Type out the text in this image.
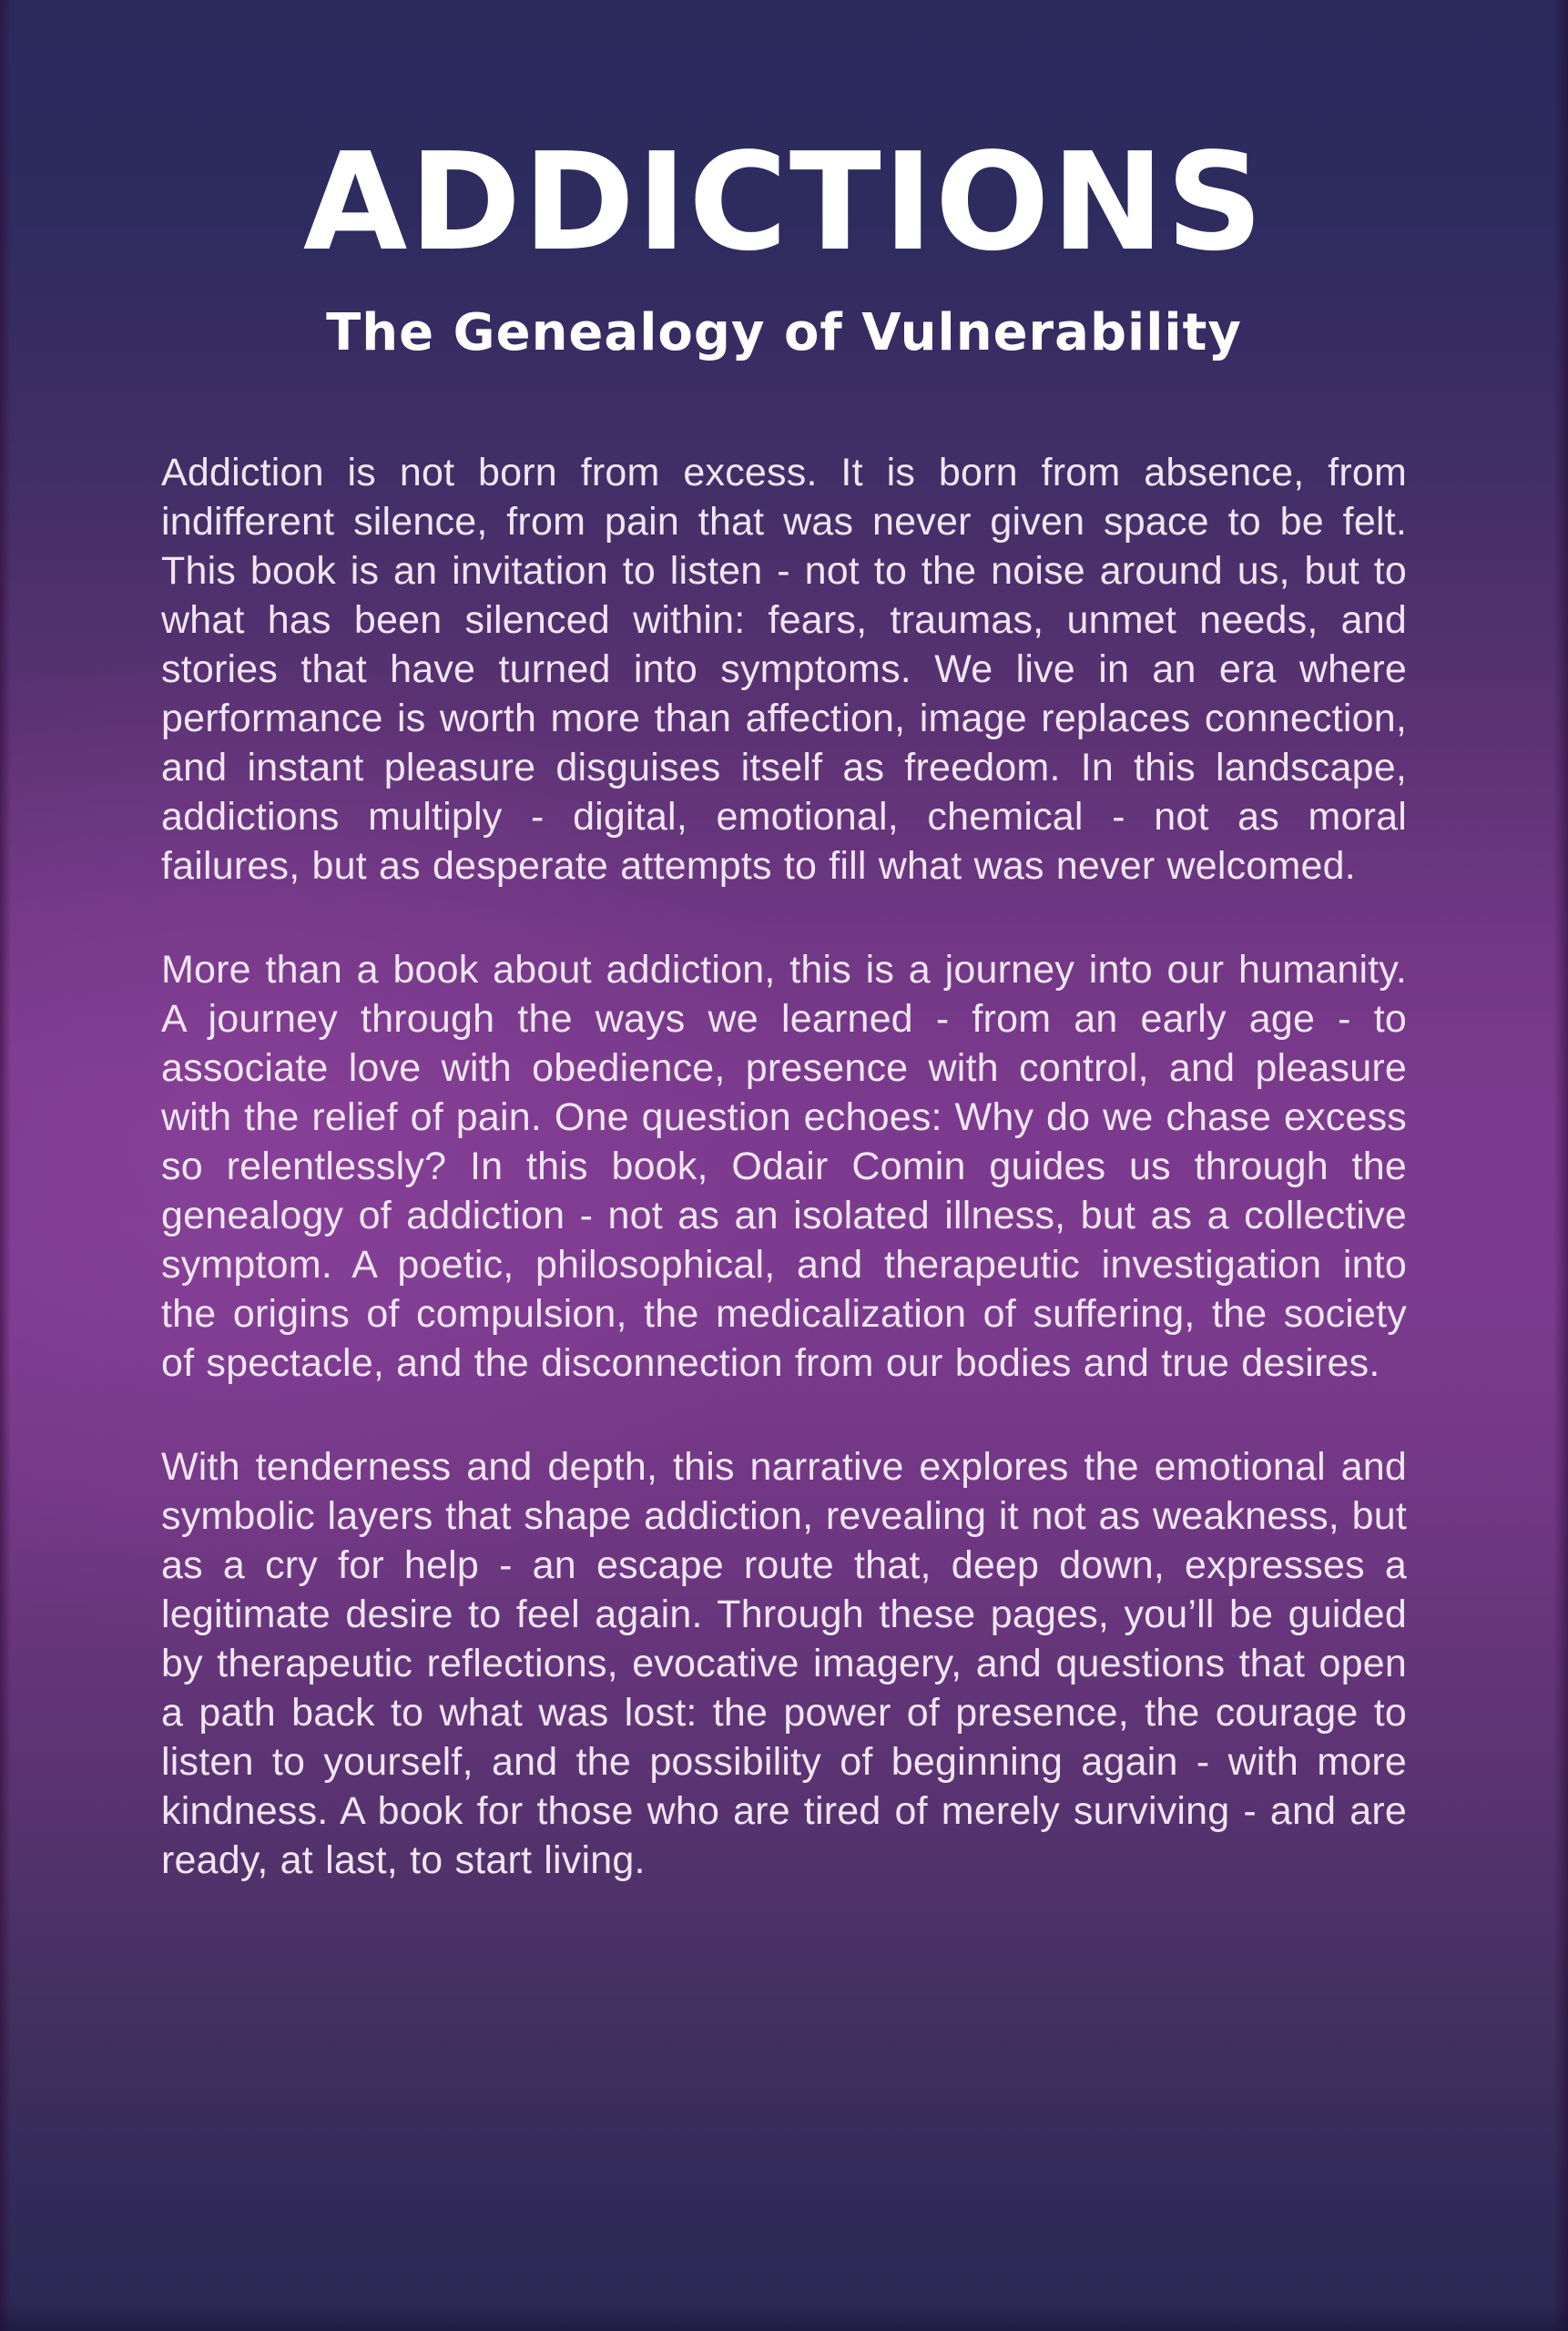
ADDICTIONS
The Genealogy of Vulnerability

Addiction is not born from excess. It is born from absence, from indifferent silence, from pain that was never given space to be felt. This book is an invitation to listen - not to the noise around us, but to what has been silenced within: fears, traumas, unmet needs, and stories that have turned into symptoms. We live in an era where performance is worth more than affection, image replaces connection, and instant pleasure disguises itself as freedom. In this landscape, addictions multiply - digital, emotional, chemical - not as moral failures, but as desperate attempts to fill what was never welcomed.

More than a book about addiction, this is a journey into our humanity. A journey through the ways we learned - from an early age - to associate love with obedience, presence with control, and pleasure with the relief of pain. One question echoes: Why do we chase excess so relentlessly? In this book, Odair Comin guides us through the genealogy of addiction - not as an isolated illness, but as a collective symptom. A poetic, philosophical, and therapeutic investigation into the origins of compulsion, the medicalization of suffering, the society of spectacle, and the disconnection from our bodies and true desires.

With tenderness and depth, this narrative explores the emotional and symbolic layers that shape addiction, revealing it not as weakness, but as a cry for help - an escape route that, deep down, expresses a legitimate desire to feel again. Through these pages, you’ll be guided by therapeutic reflections, evocative imagery, and questions that open a path back to what was lost: the power of presence, the courage to listen to yourself, and the possibility of beginning again - with more kindness. A book for those who are tired of merely surviving - and are ready, at last, to start living.
